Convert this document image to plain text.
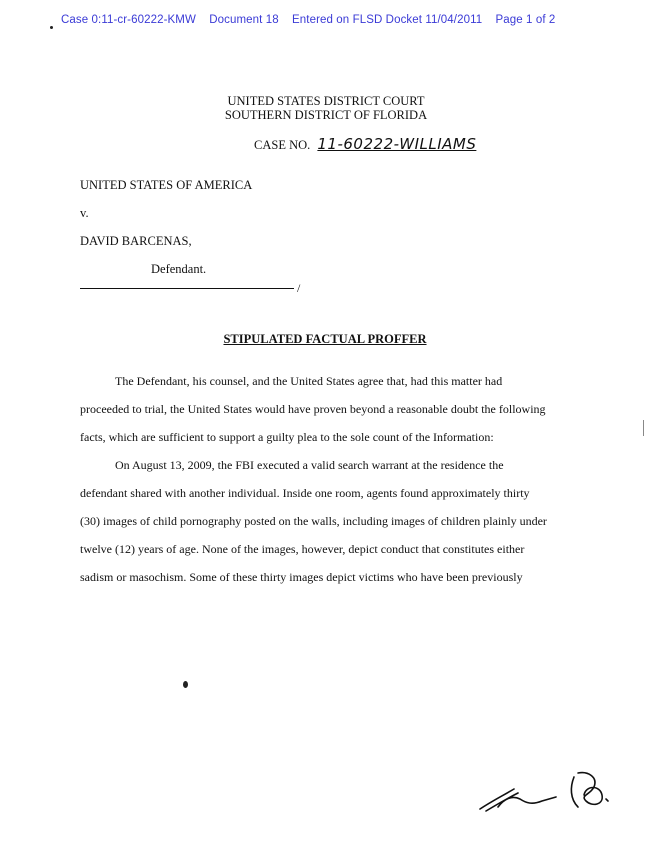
Case 0:11-cr-60222-KMW Document 18 Entered on FLSD Docket 11/04/2011 Page 1 of 2
UNITED STATES DISTRICT COURT
SOUTHERN DISTRICT OF FLORIDA
CASE NO. 11-60222-WILLIAMS
UNITED STATES OF AMERICA
v.
DAVID BARCENAS,
Defendant.
/
STIPULATED FACTUAL PROFFER
The Defendant, his counsel, and the United States agree that, had this matter had
proceeded to trial, the United States would have proven beyond a reasonable doubt the following
facts, which are sufficient to support a guilty plea to the sole count of the Information:
On August 13, 2009, the FBI executed a valid search warrant at the residence the
defendant shared with another individual. Inside one room, agents found approximately thirty
(30) images of child pornography posted on the walls, including images of children plainly under
twelve (12) years of age. None of the images, however, depict conduct that constitutes either
sadism or masochism. Some of these thirty images depict victims who have been previously
